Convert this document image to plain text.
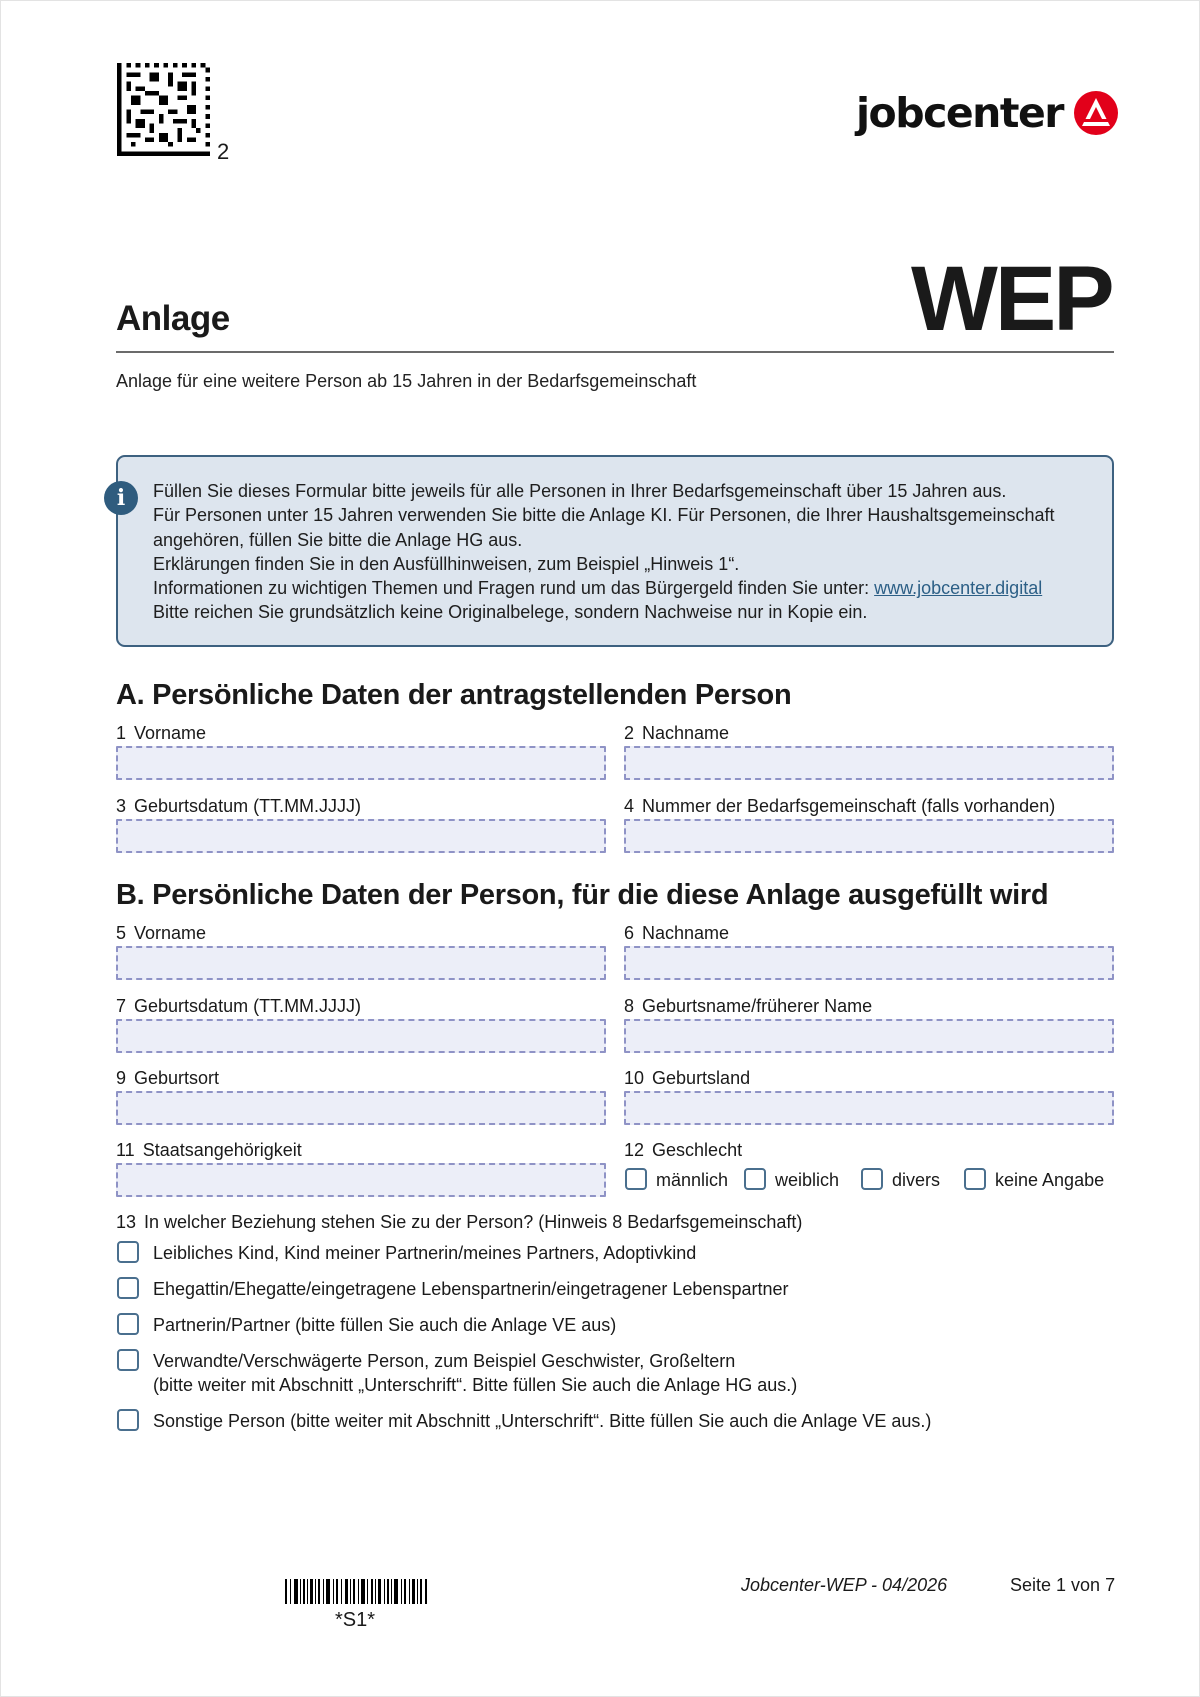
2
jobcenter
Anlage	WEP
Anlage für eine weitere Person ab 15 Jahren in der Bedarfsgemeinschaft
i	Füllen Sie dieses Formular bitte jeweils für alle Personen in Ihrer Bedarfsgemeinschaft über 15 Jahren aus.
Für Personen unter 15 Jahren verwenden Sie bitte die Anlage KI. Für Personen, die Ihrer Haushaltsgemeinschaft
angehören, füllen Sie bitte die Anlage HG aus.
Erklärungen finden Sie in den Ausfüllhinweisen, zum Beispiel „Hinweis 1“.
Informationen zu wichtigen Themen und Fragen rund um das Bürgergeld finden Sie unter: www.jobcenter.digital
Bitte reichen Sie grundsätzlich keine Originalbelege, sondern Nachweise nur in Kopie ein.
A. Persönliche Daten der antragstellenden Person
1 Vorname	2 Nachname
3 Geburtsdatum (TT.MM.JJJJ)	4 Nummer der Bedarfsgemeinschaft (falls vorhanden)
B. Persönliche Daten der Person, für die diese Anlage ausgefüllt wird
5 Vorname	6 Nachname
7 Geburtsdatum (TT.MM.JJJJ)	8 Geburtsname/früherer Name
9 Geburtsort	10 Geburtsland
11 Staatsangehörigkeit	12 Geschlecht
männlich	weiblich	divers	keine Angabe
13 In welcher Beziehung stehen Sie zu der Person? (Hinweis 8 Bedarfsgemeinschaft)
Leibliches Kind, Kind meiner Partnerin/meines Partners, Adoptivkind
Ehegattin/Ehegatte/eingetragene Lebenspartnerin/eingetragener Lebenspartner
Partnerin/Partner (bitte füllen Sie auch die Anlage VE aus)
Verwandte/Verschwägerte Person, zum Beispiel Geschwister, Großeltern
(bitte weiter mit Abschnitt „Unterschrift“. Bitte füllen Sie auch die Anlage HG aus.)
Sonstige Person (bitte weiter mit Abschnitt „Unterschrift“. Bitte füllen Sie auch die Anlage VE aus.)
*S1*
Jobcenter-WEP - 04/2026	Seite 1 von 7
